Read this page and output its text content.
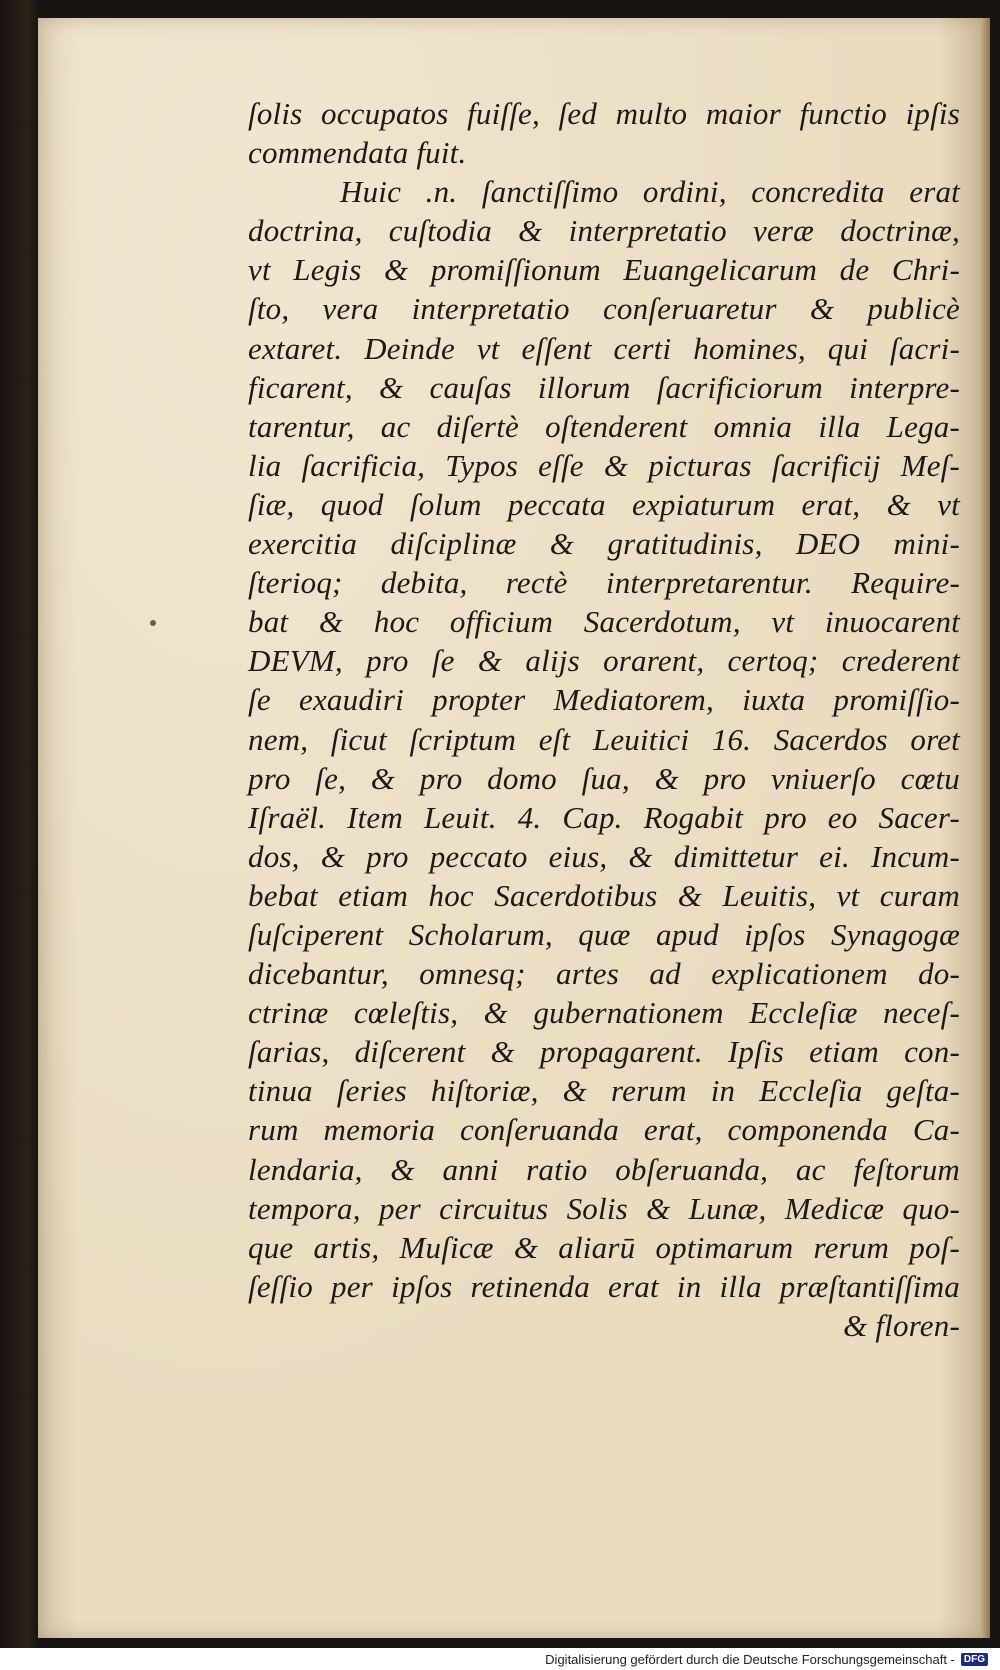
ſolis occupatos fuiſſe, ſed multo maior functio ipſis
commendata fuit.
Huic .n. ſanctiſſimo ordini, concredita erat
doctrina, cuſtodia & interpretatio veræ doctrinæ,
vt Legis & promiſſionum Euangelicarum de Chri-
ſto, vera interpretatio conſeruaretur & publicè
extaret. Deinde vt eſſent certi homines, qui ſacri-
ficarent, & cauſas illorum ſacrificiorum interpre-
tarentur, ac diſertè oſtenderent omnia illa Lega-
lia ſacrificia, Typos eſſe & picturas ſacrificij Meſ-
ſiæ, quod ſolum peccata expiaturum erat, & vt
exercitia diſciplinæ & gratitudinis, DEO mini-
ſterioq; debita, rectè interpretarentur. Require-
bat & hoc officium Sacerdotum, vt inuocarent
DEVM, pro ſe & alijs orarent, certoq; crederent
ſe exaudiri propter Mediatorem, iuxta promiſſio-
nem, ſicut ſcriptum eſt Leuitici 16. Sacerdos oret
pro ſe, & pro domo ſua, & pro vniuerſo cœtu
Iſraël. Item Leuit. 4. Cap. Rogabit pro eo Sacer-
dos, & pro peccato eius, & dimittetur ei. Incum-
bebat etiam hoc Sacerdotibus & Leuitis, vt curam
ſuſciperent Scholarum, quæ apud ipſos Synagogæ
dicebantur, omnesq; artes ad explicationem do-
ctrinæ cœleſtis, & gubernationem Eccleſiæ neceſ-
ſarias, diſcerent & propagarent. Ipſis etiam con-
tinua ſeries hiſtoriæ, & rerum in Eccleſia geſta-
rum memoria conſeruanda erat, componenda Ca-
lendaria, & anni ratio obſeruanda, ac feſtorum
tempora, per circuitus Solis & Lunæ, Medicæ quo-
que artis, Muſicæ & aliarū optimarum rerum poſ-
ſeſſio per ipſos retinenda erat in illa præſtantiſſima
& floren-
Digitalisierung gefördert durch die Deutsche Forschungsgemeinschaft - DFG
